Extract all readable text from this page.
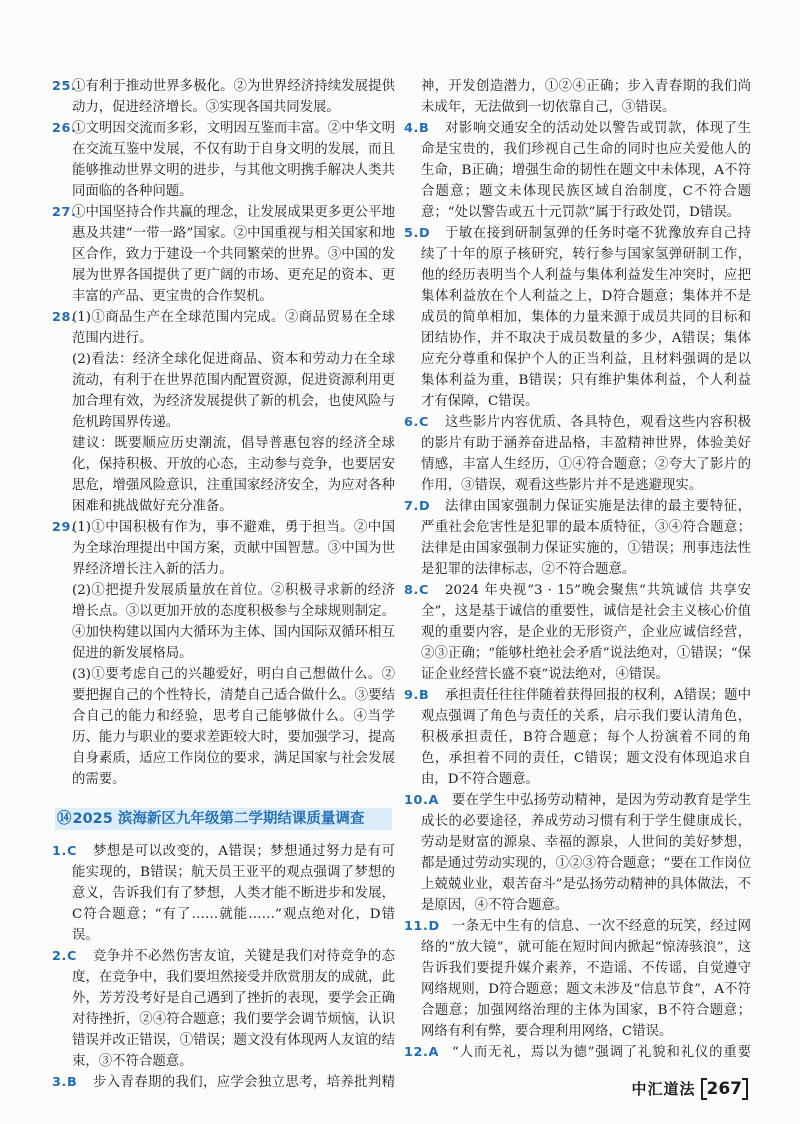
25.

①有利于推动世界多极化。②为世界经济持续发展提供动力，促进经济增长。③实现各国共同发展。

26.

①文明因交流而多彩，文明因互鉴而丰富。②中华文明在交流互鉴中发展，不仅有助于自身文明的发展，而且能够推动世界文明的进步，与其他文明携手解决人类共同面临的各种问题。

27.

①中国坚持合作共赢的理念，让发展成果更多更公平地惠及共建“一带一路”国家。②中国重视与相关国家和地区合作，致力于建设一个共同繁荣的世界。③中国的发展为世界各国提供了更广阔的市场、更充足的资本、更丰富的产品、更宝贵的合作契机。

28.

(1)①商品生产在全球范围内完成。②商品贸易在全球范围内进行。

(2)看法：经济全球化促进商品、资本和劳动力在全球流动，有利于在世界范围内配置资源，促进资源利用更加合理有效，为经济发展提供了新的机会，也使风险与危机跨国界传递。

建议：既要顺应历史潮流，倡导普惠包容的经济全球化，保持积极、开放的心态，主动参与竞争，也要居安思危，增强风险意识，注重国家经济安全，为应对各种困难和挑战做好充分准备。

29.

(1)①中国积极有作为，事不避难，勇于担当。②中国为全球治理提出中国方案，贡献中国智慧。③中国为世界经济增长注入新的活力。

(2)①把提升发展质量放在首位。②积极寻求新的经济增长点。③以更加开放的态度积极参与全球规则制定。④加快构建以国内大循环为主体、国内国际双循环相互促进的新发展格局。

(3)①要考虑自己的兴趣爱好，明白自己想做什么。②要把握自己的个性特长，清楚自己适合做什么。③要结合自己的能力和经验，思考自己能够做什么。④当学历、能力与职业的要求差距较大时，要加强学习，提高自身素质，适应工作岗位的要求，满足国家与社会发展的需要。

⑭2025 滨海新区九年级第二学期结课质量调查
1.C	梦想是可以改变的，A错误；梦想通过努力是有可能实现的，B错误；航天员王亚平的观点强调了梦想的意义，告诉我们有了梦想，人类才能不断进步和发展，C符合题意；“有了……就能……”观点绝对化，D错误。

2.C	竞争并不必然伤害友谊，关键是我们对待竞争的态度，在竞争中，我们要坦然接受并欣赏朋友的成就，此外，芳芳没考好是自己遇到了挫折的表现，要学会正确对待挫折，②④符合题意；我们要学会调节烦恼，认识错误并改正错误，①错误；题文没有体现两人友谊的结束，③不符合题意。

3.B	步入青春期的我们，应学会独立思考，培养批判精

神，开发创造潜力，①②④正确；步入青春期的我们尚未成年，无法做到一切依靠自己，③错误。

4.B	对影响交通安全的活动处以警告或罚款，体现了生命是宝贵的，我们珍视自己生命的同时也应关爱他人的生命，B正确；增强生命的韧性在题文中未体现，A不符合题意；题文未体现民族区域自治制度，C不符合题意；“处以警告或五十元罚款”属于行政处罚，D错误。

5.D	于敏在接到研制氢弹的任务时毫不犹豫放弃自己持续了十年的原子核研究，转行参与国家氢弹研制工作，他的经历表明当个人利益与集体利益发生冲突时，应把集体利益放在个人利益之上，D符合题意；集体并不是成员的简单相加，集体的力量来源于成员共同的目标和团结协作，并不取决于成员数量的多少，A错误；集体应充分尊重和保护个人的正当利益，且材料强调的是以集体利益为重，B错误；只有维护集体利益，个人利益才有保障，C错误。

6.C	这些影片内容优质、各具特色，观看这些内容积极的影片有助于涵养奋进品格，丰盈精神世界，体验美好情感，丰富人生经历，①④符合题意；②夸大了影片的作用，③错误，观看这些影片并不是逃避现实。

7.D	法律由国家强制力保证实施是法律的最主要特征，严重社会危害性是犯罪的最本质特征，③④符合题意；法律是由国家强制力保证实施的，①错误；刑事违法性是犯罪的法律标志，②不符合题意。

8.C	2024 年央视“3 · 15”晚会聚焦“共筑诚信 共享安全”，这是基于诚信的重要性，诚信是社会主义核心价值观的重要内容，是企业的无形资产，企业应诚信经营，②③正确；“能够杜绝社会矛盾”说法绝对，①错误；“保证企业经营长盛不衰”说法绝对，④错误。

9.B	承担责任往往伴随着获得回报的权利，A错误；题中观点强调了角色与责任的关系，启示我们要认清角色，积极承担责任，B符合题意；每个人扮演着不同的角色，承担着不同的责任，C错误；题文没有体现追求自由，D不符合题意。

10.A 要在学生中弘扬劳动精神，是因为劳动教育是学生成长的必要途径，养成劳动习惯有利于学生健康成长，劳动是财富的源泉、幸福的源泉，人世间的美好梦想，都是通过劳动实现的，①②③符合题意；“要在工作岗位上兢兢业业，艰苦奋斗”是弘扬劳动精神的具体做法，不是原因，④不符合题意。

11.D 一条无中生有的信息、一次不经意的玩笑，经过网络的“放大镜”，就可能在短时间内掀起“惊涛骇浪”，这告诉我们要提升媒介素养，不造谣、不传谣，自觉遵守网络规则，D符合题意；题文未涉及“信息节食”，A不符合题意；加强网络治理的主体为国家，B不符合题意；网络有利有弊，要合理利用网络，C错误。

12.A “人而无礼，焉以为德”强调了礼貌和礼仪的重要

中汇道法 267
